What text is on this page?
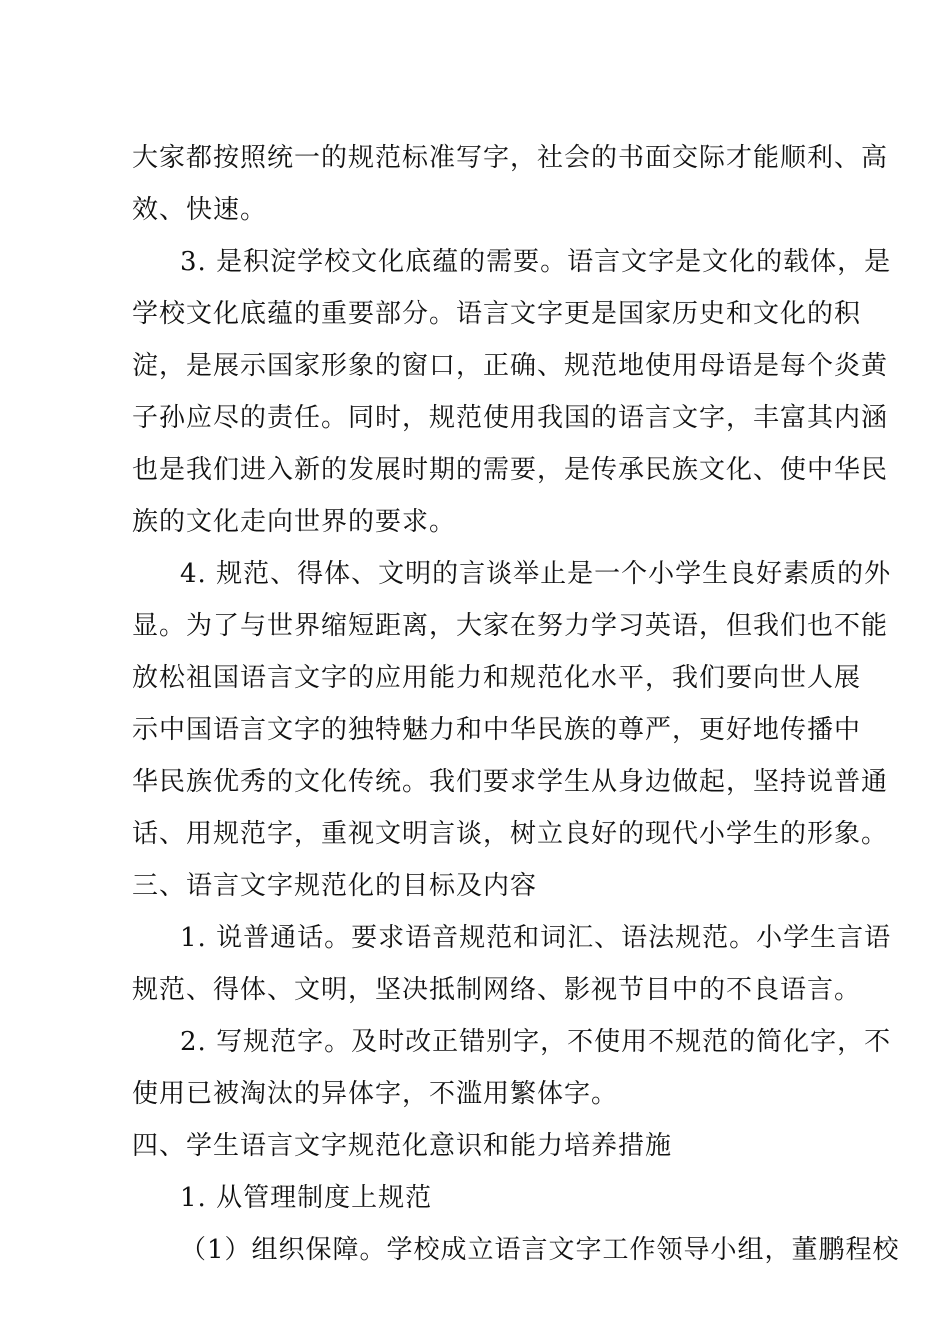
大家都按照统一的规范标准写字，社会的书面交际才能顺利、高
效、快速。
3. 是积淀学校文化底蕴的需要。语言文字是文化的载体，是
学校文化底蕴的重要部分。语言文字更是国家历史和文化的积
淀，是展示国家形象的窗口，正确、规范地使用母语是每个炎黄
子孙应尽的责任。同时，规范使用我国的语言文字，丰富其内涵
也是我们进入新的发展时期的需要，是传承民族文化、使中华民
族的文化走向世界的要求。
4. 规范、得体、文明的言谈举止是一个小学生良好素质的外
显。为了与世界缩短距离，大家在努力学习英语，但我们也不能
放松祖国语言文字的应用能力和规范化水平，我们要向世人展
示中国语言文字的独特魅力和中华民族的尊严，更好地传播中
华民族优秀的文化传统。我们要求学生从身边做起，坚持说普通
话、用规范字，重视文明言谈，树立良好的现代小学生的形象。
三、语言文字规范化的目标及内容
1. 说普通话。要求语音规范和词汇、语法规范。小学生言语
规范、得体、文明，坚决抵制网络、影视节目中的不良语言。
2. 写规范字。及时改正错别字，不使用不规范的简化字，不
使用已被淘汰的异体字，不滥用繁体字。
四、学生语言文字规范化意识和能力培养措施
1. 从管理制度上规范
（1）组织保障。学校成立语言文字工作领导小组，董鹏程校
